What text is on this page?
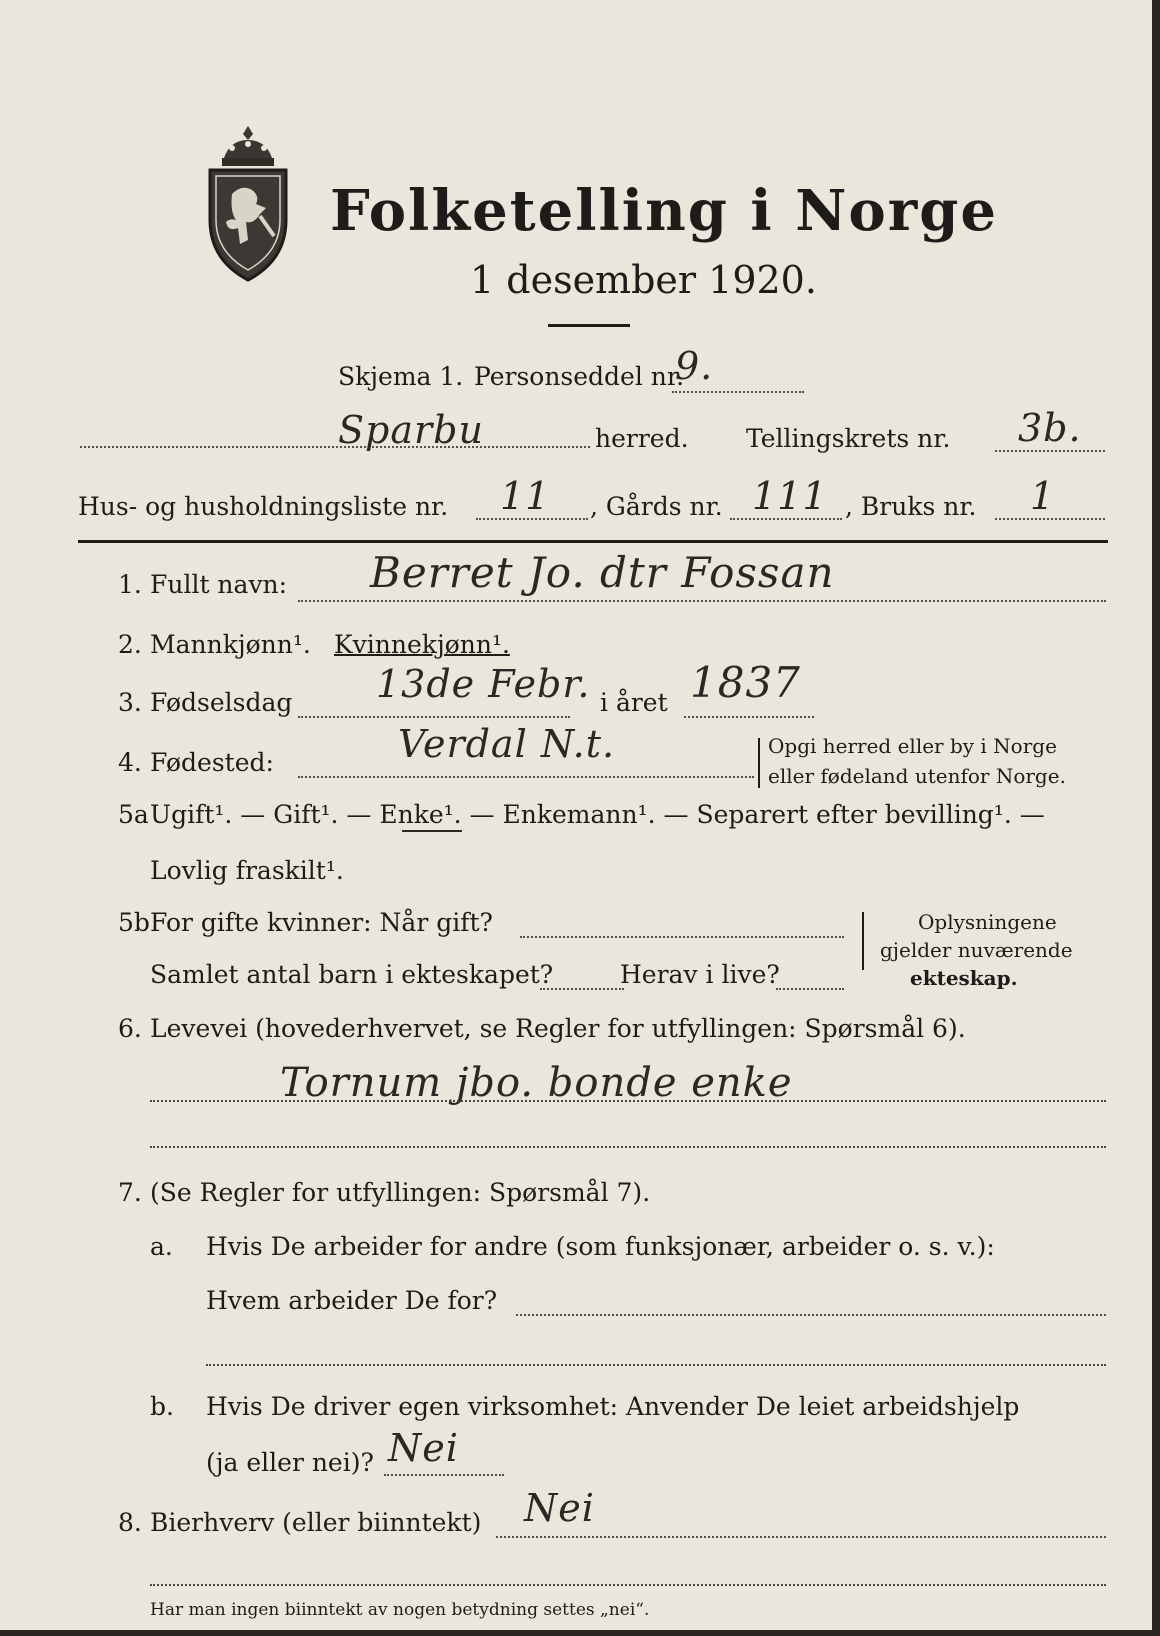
Folketelling i Norge
1 desember 1920.
Skjema 1. Personseddel nr.
9.
Sparbu	herred. Tellingskrets nr. 3b.
Hus- og husholdningsliste nr. 11 , Gårds nr. 111 , Bruks nr. 1
1. Fullt navn: Berret Jo. dtr Fossan
2. Mannkjønn¹. Kvinnekjønn¹.
3. Fødselsdag 13de Febr. i året 1837
4. Fødested:	Verdal N.t.	Opgi herred eller by i Norge
eller fødeland utenfor Norge.
5a Ugift¹. — Gift¹. — Enke¹. — Enkemann¹. — Separert efter bevilling¹. —
Lovlig fraskilt¹.
5b For gifte kvinner: Når gift?
Samlet antal barn i ekteskapet?	Herav i live?
Oplysningene
gjelder nuværende
ekteskap.
6. Levevei (hovederhvervet, se Regler for utfyllingen: Spørsmål 6).
Tornum jbo. bonde enke
7. (Se Regler for utfyllingen: Spørsmål 7).
a. Hvis De arbeider for andre (som funksjonær, arbeider o. s. v.):
Hvem arbeider De for?
b. Hvis De driver egen virksomhet: Anvender De leiet arbeidshjelp
(ja eller nei)? Nei
8. Bierhverv (eller biinntekt) Nei
Har man ingen biinntekt av nogen betydning settes „nei“.
